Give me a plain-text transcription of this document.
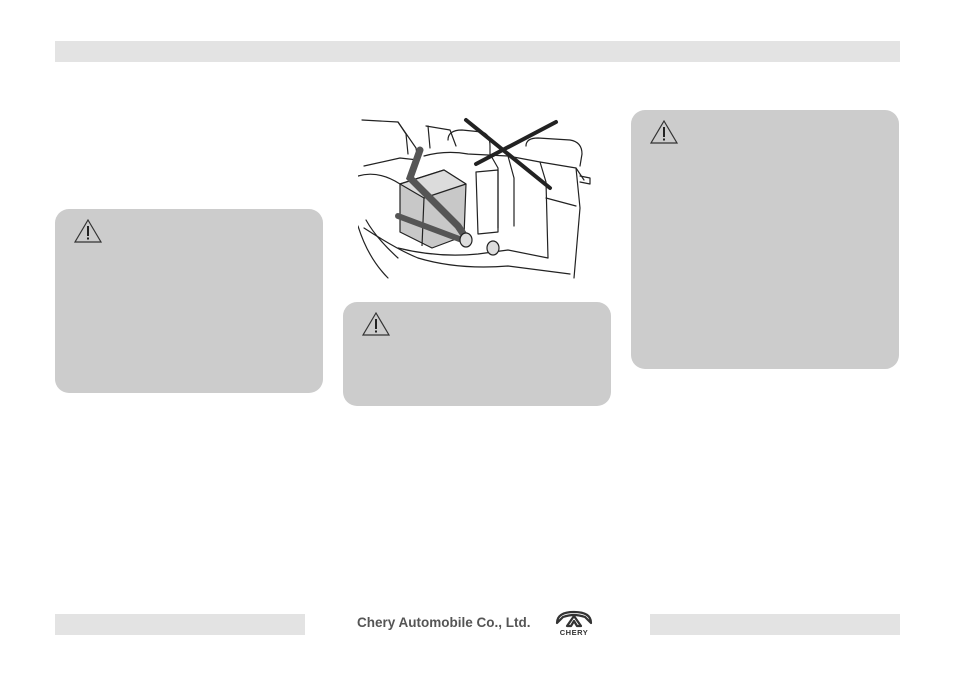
Chery Automobile Co., Ltd.
CHERY
